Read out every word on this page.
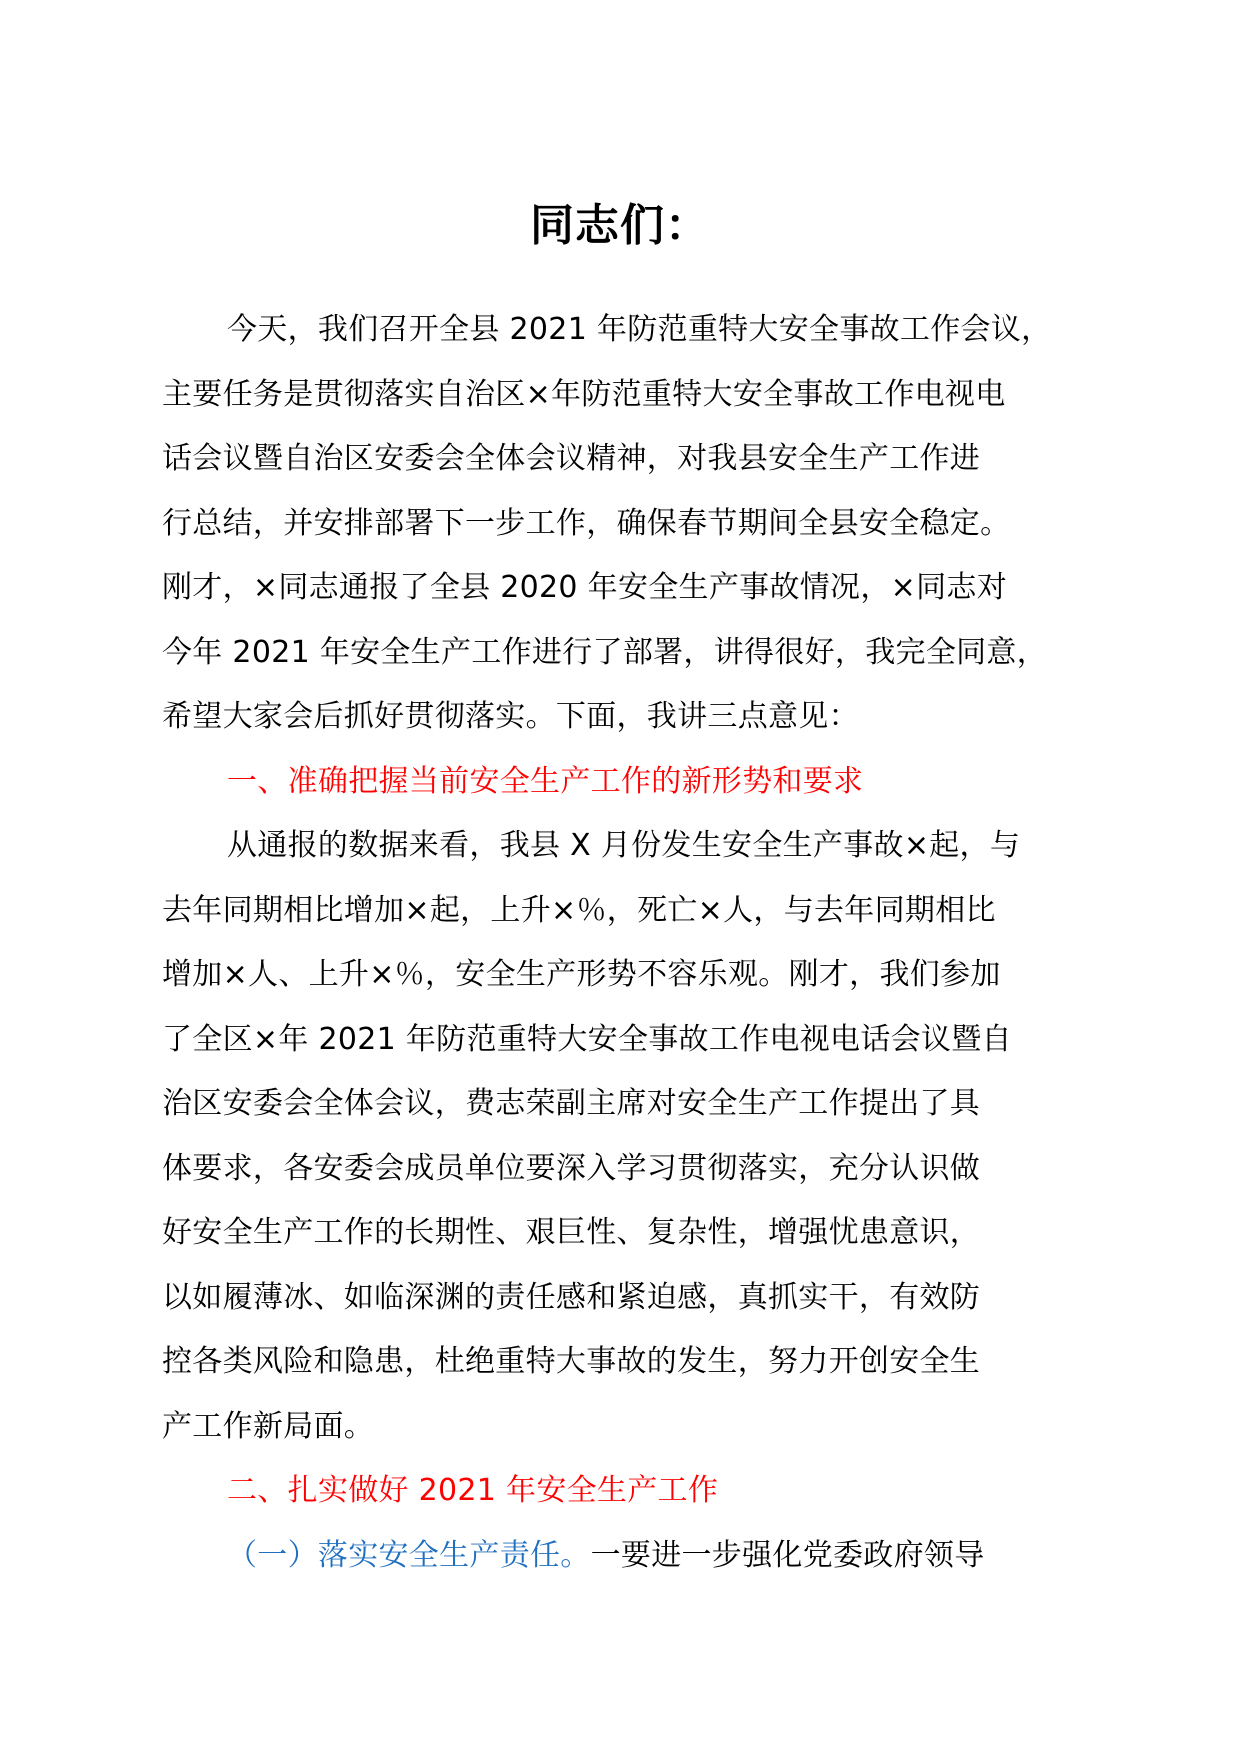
同志们：
今天，我们召开全县 2021 年防范重特大安全事故工作会议，
主要任务是贯彻落实自治区×年防范重特大安全事故工作电视电
话会议暨自治区安委会全体会议精神，对我县安全生产工作进
行总结，并安排部署下一步工作，确保春节期间全县安全稳定。
刚才，×同志通报了全县 2020 年安全生产事故情况，×同志对
今年 2021 年安全生产工作进行了部署，讲得很好，我完全同意，
希望大家会后抓好贯彻落实。下面，我讲三点意见：
一、准确把握当前安全生产工作的新形势和要求
从通报的数据来看，我县 X 月份发生安全生产事故×起，与
去年同期相比增加×起，上升×％，死亡×人，与去年同期相比
增加×人、上升×％，安全生产形势不容乐观。刚才，我们参加
了全区×年 2021 年防范重特大安全事故工作电视电话会议暨自
治区安委会全体会议，费志荣副主席对安全生产工作提出了具
体要求，各安委会成员单位要深入学习贯彻落实，充分认识做
好安全生产工作的长期性、艰巨性、复杂性，增强忧患意识，
以如履薄冰、如临深渊的责任感和紧迫感，真抓实干，有效防
控各类风险和隐患，杜绝重特大事故的发生，努力开创安全生
产工作新局面。
二、扎实做好 2021 年安全生产工作
（一）落实安全生产责任。一要进一步强化党委政府领导
